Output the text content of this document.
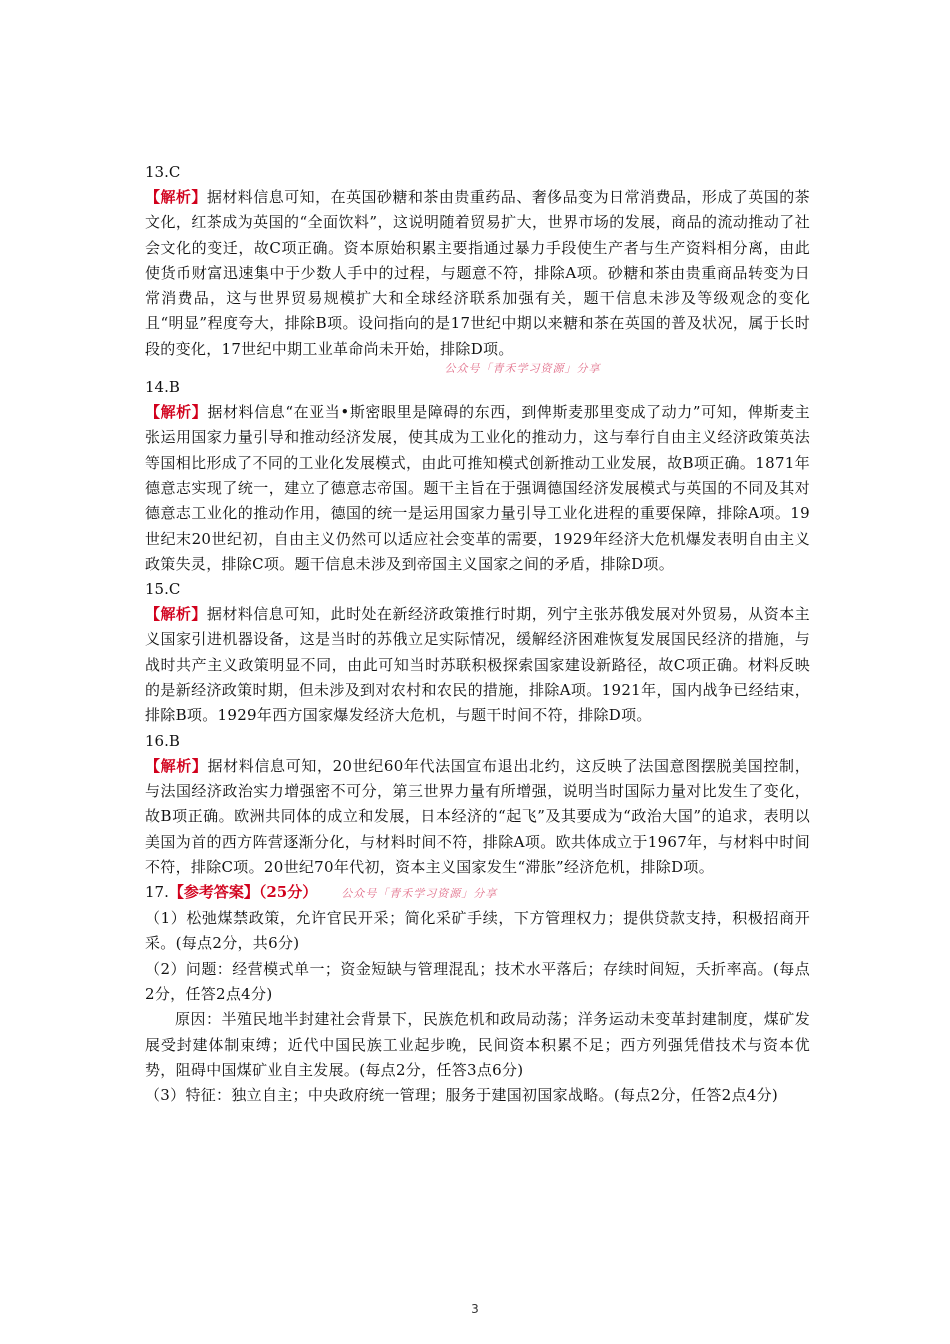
13.C

【解析】据材料信息可知，在英国砂糖和茶由贵重药品、奢侈品变为日常消费品，形成了英国的茶文化，红茶成为英国的“全面饮料”，这说明随着贸易扩大，世界市场的发展，商品的流动推动了社会文化的变迁，故C项正确。资本原始积累主要指通过暴力手段使生产者与生产资料相分离，由此使货币财富迅速集中于少数人手中的过程，与题意不符，排除A项。砂糖和茶由贵重商品转变为日常消费品，这与世界贸易规模扩大和全球经济联系加强有关，题干信息未涉及等级观念的变化且“明显”程度夸大，排除B项。设问指向的是17世纪中期以来糖和茶在英国的普及状况，属于长时段的变化，17世纪中期工业革命尚未开始，排除D项。

公众号「青禾学习资源」分享

14.B

【解析】据材料信息“在亚当•斯密眼里是障碍的东西，到俾斯麦那里变成了动力”可知，俾斯麦主张运用国家力量引导和推动经济发展，使其成为工业化的推动力，这与奉行自由主义经济政策英法等国相比形成了不同的工业化发展模式，由此可推知模式创新推动工业发展，故B项正确。1871年德意志实现了统一，建立了德意志帝国。题干主旨在于强调德国经济发展模式与英国的不同及其对德意志工业化的推动作用，德国的统一是运用国家力量引导工业化进程的重要保障，排除A项。19世纪末20世纪初，自由主义仍然可以适应社会变革的需要，1929年经济大危机爆发表明自由主义政策失灵，排除C项。题干信息未涉及到帝国主义国家之间的矛盾，排除D项。

15.C

【解析】据材料信息可知，此时处在新经济政策推行时期，列宁主张苏俄发展对外贸易，从资本主义国家引进机器设备，这是当时的苏俄立足实际情况，缓解经济困难恢复发展国民经济的措施，与战时共产主义政策明显不同，由此可知当时苏联积极探索国家建设新路径，故C项正确。材料反映的是新经济政策时期，但未涉及到对农村和农民的措施，排除A项。1921年，国内战争已经结束，排除B项。1929年西方国家爆发经济大危机，与题干时间不符，排除D项。

16.B

【解析】据材料信息可知，20世纪60年代法国宣布退出北约，这反映了法国意图摆脱美国控制，与法国经济政治实力增强密不可分，第三世界力量有所增强，说明当时国际力量对比发生了变化，故B项正确。欧洲共同体的成立和发展，日本经济的“起飞”及其要成为“政治大国”的追求，表明以美国为首的西方阵营逐渐分化，与材料时间不符，排除A项。欧共体成立于1967年，与材料中时间不符，排除C项。20世纪70年代初，资本主义国家发生“滞胀”经济危机，排除D项。

17.【参考答案】（25分） 公众号「青禾学习资源」分享

（1）松弛煤禁政策，允许官民开采；简化采矿手续，下方管理权力；提供贷款支持，积极招商开采。(每点2分，共6分)

（2）问题：经营模式单一；资金短缺与管理混乱；技术水平落后；存续时间短，夭折率高。(每点2分，任答2点4分)

原因：半殖民地半封建社会背景下，民族危机和政局动荡；洋务运动未变革封建制度，煤矿发展受封建体制束缚；近代中国民族工业起步晚，民间资本积累不足；西方列强凭借技术与资本优势，阻碍中国煤矿业自主发展。(每点2分，任答3点6分)

（3）特征：独立自主；中央政府统一管理；服务于建国初国家战略。(每点2分，任答2点4分)

3
